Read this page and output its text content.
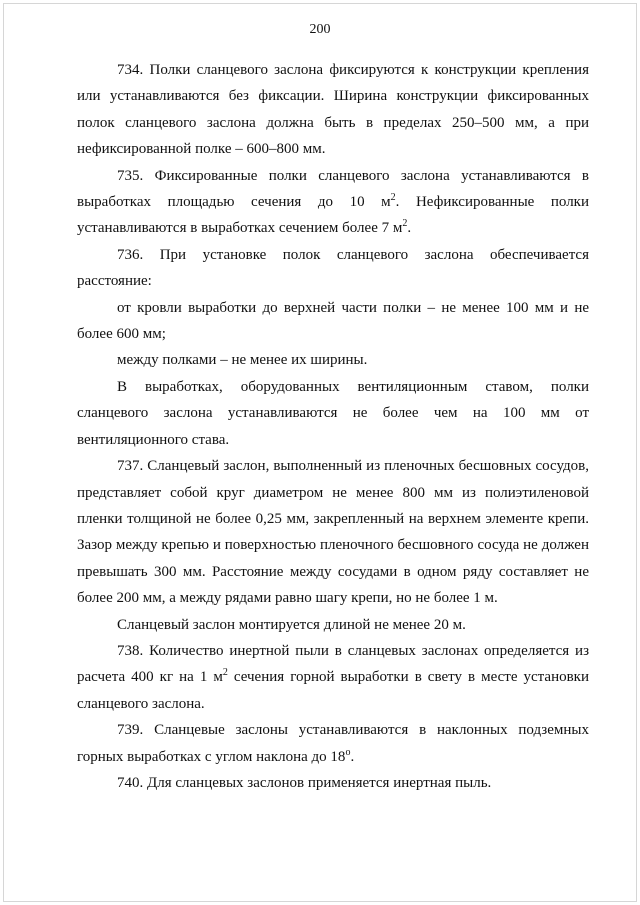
200

734. Полки сланцевого заслона фиксируются к конструкции крепления или устанавливаются без фиксации. Ширина конструкции фиксированных полок сланцевого заслона должна быть в пределах 250–500 мм, а при нефиксированной полке – 600–800 мм.

735. Фиксированные полки сланцевого заслона устанавливаются в выработках площадью сечения до 10 $м^2$. Нефиксированные полки устанавливаются в выработках сечением более 7 $м^2$.

736. При установке полок сланцевого заслона обеспечивается расстояние:

от кровли выработки до верхней части полки – не менее 100 мм и не более 600 мм;

между полками – не менее их ширины.

В выработках, оборудованных вентиляционным ставом, полки сланцевого заслона устанавливаются не более чем на 100 мм от вентиляционного става.

737. Сланцевый заслон, выполненный из пленочных бесшовных сосудов, представляет собой круг диаметром не менее 800 мм из полиэтиленовой пленки толщиной не более 0,25 мм, закрепленный на верхнем элементе крепи. Зазор между крепью и поверхностью пленочного бесшовного сосуда не должен превышать 300 мм. Расстояние между сосудами в одном ряду составляет не более 200 мм, а между рядами равно шагу крепи, но не более 1 м.

Сланцевый заслон монтируется длиной не менее 20 м.

738. Количество инертной пыли в сланцевых заслонах определяется из расчета 400 кг на 1 $м^2$ сечения горной выработки в свету в месте установки сланцевого заслона.

739. Сланцевые заслоны устанавливаются в наклонных подземных горных выработках с углом наклона до 18$^o$.

740. Для сланцевых заслонов применяется инертная пыль.
